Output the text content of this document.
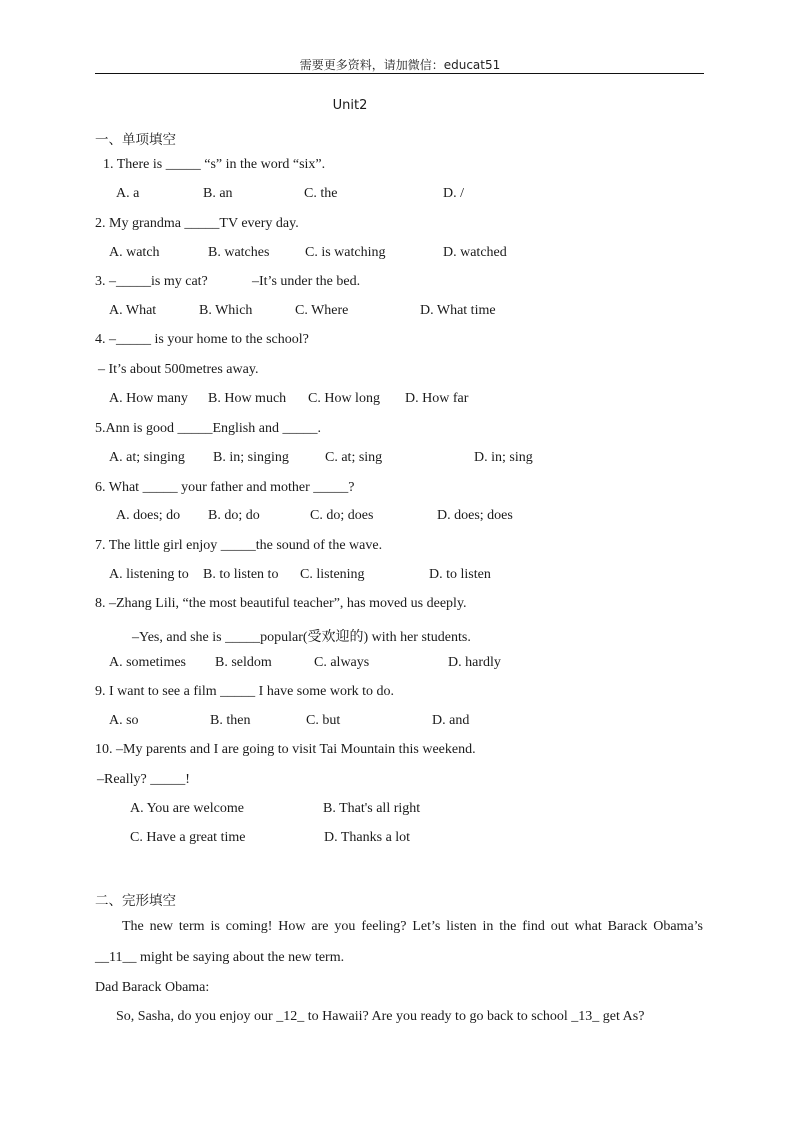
需要更多资料，请加微信：educat51
Unit2
一、单项填空
1. There is _____ “s” in the word “six”.
A. a	B. an	C. the	D. /
2. My grandma _____TV every day.
A. watch	B. watches	C. is watching	D. watched
3. –_____is my cat?	–It’s under the bed.
A. What	B. Which	C. Where	D. What time
4. –_____ is your home to the school?
– It’s about 500metres away.
A. How many B. How much C. How long D. How far
5.Ann is good _____English and _____.
A. at; singing B. in; singing	C. at; sing	D. in; sing
6. What _____ your father and mother _____?
A. does; do B. do; do	C. do; does	D. does; does
7. The little girl enjoy _____the sound of the wave.
A. listening to B. to listen to C. listening	D. to listen
8. –Zhang Lili, “the most beautiful teacher”, has moved us deeply.
–Yes, and she is _____popular(受欢迎的) with her students.
A. sometimes B. seldom	C. always	D. hardly
9. I want to see a film _____ I have some work to do.
A. so	B. then	C. but	D. and
10. –My parents and I are going to visit Tai Mountain this weekend.
–Really? _____!
A. You are welcome	B. That's all right
C. Have a great time	D. Thanks a lot
二、完形填空
The new term is coming! How are you feeling? Let’s listen in the find out what Barack Obama’s __11__ might be saying about the new term.
Dad Barack Obama:
So, Sasha, do you enjoy our _12_ to Hawaii? Are you ready to go back to school _13_ get As?
